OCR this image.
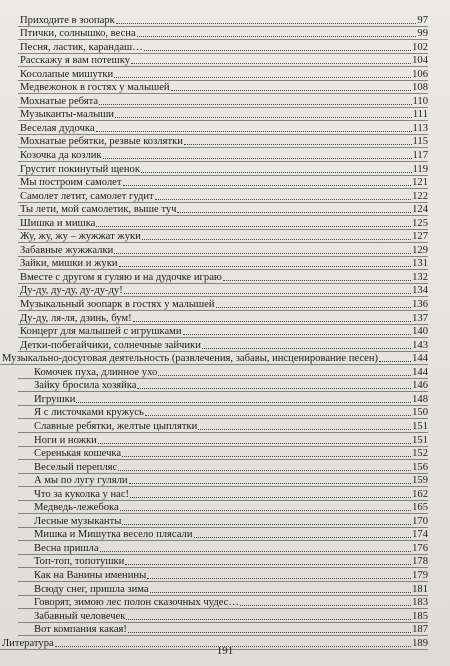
Приходите в зоопарк	97
Птички, солнышко, весна	99
Песня, ластик, карандаш…	102
Расскажу я вам потешку	104
Косолапые мишутки	106
Медвежонок в гостях у малышей	108
Мохнатые ребята	110
Музыканты-малыши	111
Веселая дудочка	113
Мохнатые ребятки, резвые козлятки	115
Козочка да козлик	117
Грустит покинутый щенок	119
Мы построим самолет	121
Самолет летит, самолет гудит	122
Ты лети, мой самолетик, выше туч	124
Шишка и мишка	125
Жу, жу, жу – жужжат жуки	127
Забавные жужжалки	129
Зайки, мишки и жуки	131
Вместе с другом я гуляю и на дудочке играю	132
Ду-ду, ду-ду, ду-ду-ду!	134
Музыкальный зоопарк в гостях у малышей	136
Ду-ду, ля-ля, дзинь, бум!	137
Концерт для малышей с игрушками	140
Детки-побегайчики, солнечные зайчики	143
Музыкально-досуговая деятельность (развлечения, забавы, инсценирование песен)	144
Комочек пуха, длинное ухо	144
Зайку бросила хозяйка	146
Игрушки	148
Я с листочками кружусь	150
Славные ребятки, желтые цыплятки	151
Ноги и ножки	151
Серенькая кошечка	152
Веселый перепляс	156
А мы по лугу гуляли	159
Что за куколка у нас!	162
Медведь-лежебока	165
Лесные музыканты	170
Мишка и Мишутка весело плясали	174
Весна пришла	176
Топ-топ, топотушки	178
Как на Ванины именины	179
Всюду снег, пришла зима	181
Говорят, зимою лес полон сказочных чудес…	183
Забавный человечек	185
Вот компания какая!	187
Литература	189
191
